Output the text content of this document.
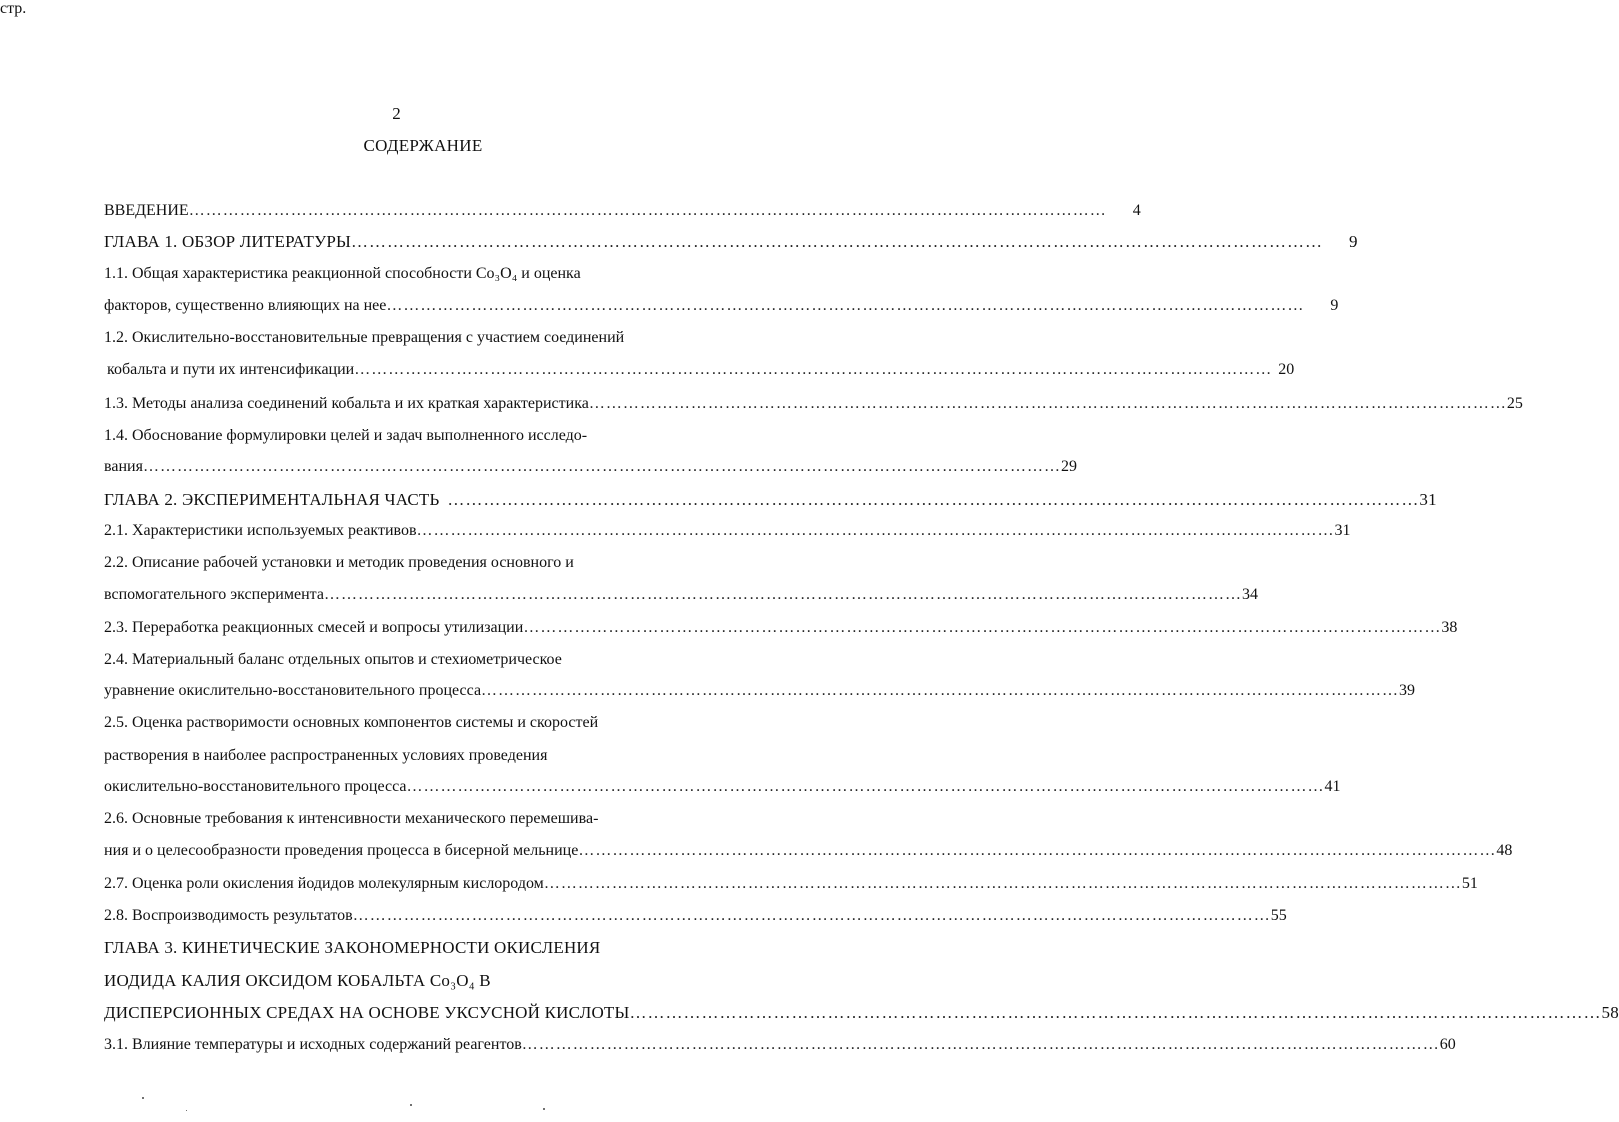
2
СОДЕРЖАНИЕ
стр.
ВВЕДЕНИЕ ………………………………………………………………………………………………………………………………………………	4
ГЛАВА 1. ОБЗОР ЛИТЕРАТУРЫ ………………………………………………………………………………………………………………………………………………	9
1.1. Общая характеристика реакционной способности Co₃O₄ и оценка
факторов, существенно влияющих на нее ………………………………………………………………………………………………………………………………………………	9
1.2. Окислительно-восстановительные превращения с участием соединений
кобальта и пути их интенсификации ……………………………………………………………………………………………………………………………………………… 20
1.3. Методы анализа соединений кобальта и их краткая характеристика ……………………………………………………………………………………………………………………………………………… 25
1.4. Обоснование формулировки целей и задач выполненного исследо-
вания ……………………………………………………………………………………………………………………………………………… 29
ГЛАВА 2. ЭКСПЕРИМЕНТАЛЬНАЯ ЧАСТЬ ……………………………………………………………………………………………………………………………………………… 31
2.1. Характеристики используемых реактивов ……………………………………………………………………………………………………………………………………………… 31
2.2. Описание рабочей установки и методик проведения основного и
вспомогательного эксперимента ……………………………………………………………………………………………………………………………………………… 34
2.3. Переработка реакционных смесей и вопросы утилизации ……………………………………………………………………………………………………………………………………………… 38
2.4. Материальный баланс отдельных опытов и стехиометрическое
уравнение окислительно-восстановительного процесса ……………………………………………………………………………………………………………………………………………… 39
2.5. Оценка растворимости основных компонентов системы и скоростей
растворения в наиболее распространенных условиях проведения
окислительно-восстановительного процесса ……………………………………………………………………………………………………………………………………………… 41
2.6. Основные требования к интенсивности механического перемешива-
ния и о целесообразности проведения процесса в бисерной мельнице ……………………………………………………………………………………………………………………………………………… 48
2.7. Оценка роли окисления йодидов молекулярным кислородом ……………………………………………………………………………………………………………………………………………… 51
2.8. Воспроизводимость результатов ……………………………………………………………………………………………………………………………………………… 55
ГЛАВА 3. КИНЕТИЧЕСКИЕ ЗАКОНОМЕРНОСТИ ОКИСЛЕНИЯ
ИОДИДА КАЛИЯ ОКСИДОМ КОБАЛЬТА Co₃O₄ В
ДИСПЕРСИОННЫХ СРЕДАХ НА ОСНОВЕ УКСУСНОЙ КИСЛОТЫ ……………………………………………………………………………………………………………………………………………… 58
3.1. Влияние температуры и исходных содержаний реагентов ……………………………………………………………………………………………………………………………………………… 60
